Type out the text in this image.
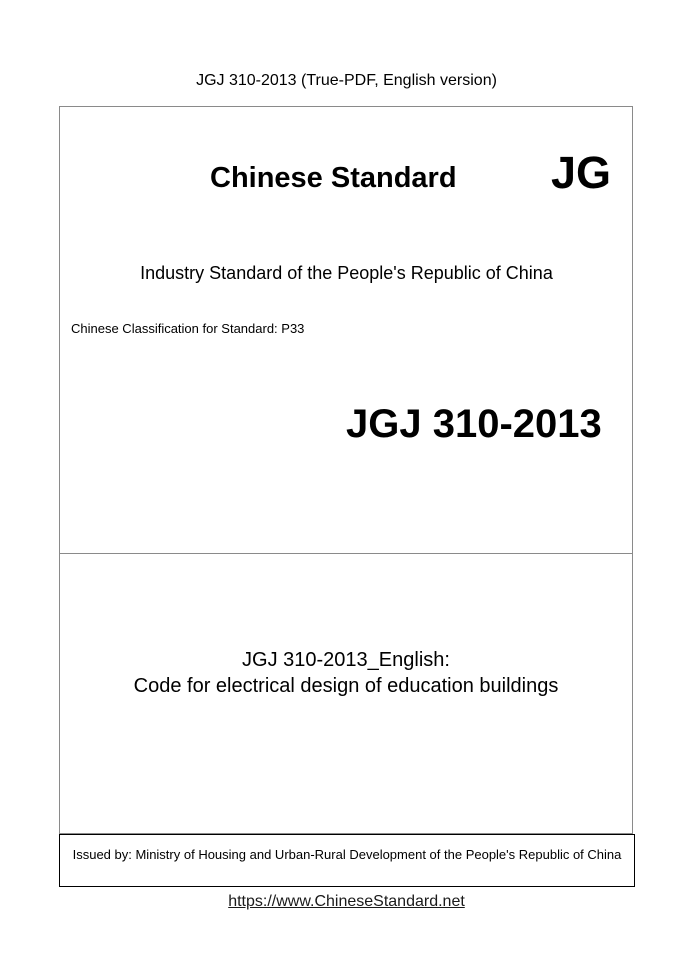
JGJ 310-2013 (True-PDF, English version)
Chinese Standard JG
Industry Standard of the People's Republic of China
Chinese Classification for Standard: P33
JGJ 310-2013
JGJ 310-2013_English:
Code for electrical design of education buildings
Issued by: Ministry of Housing and Urban-Rural Development of the People's Republic of China
https://www.ChineseStandard.net
